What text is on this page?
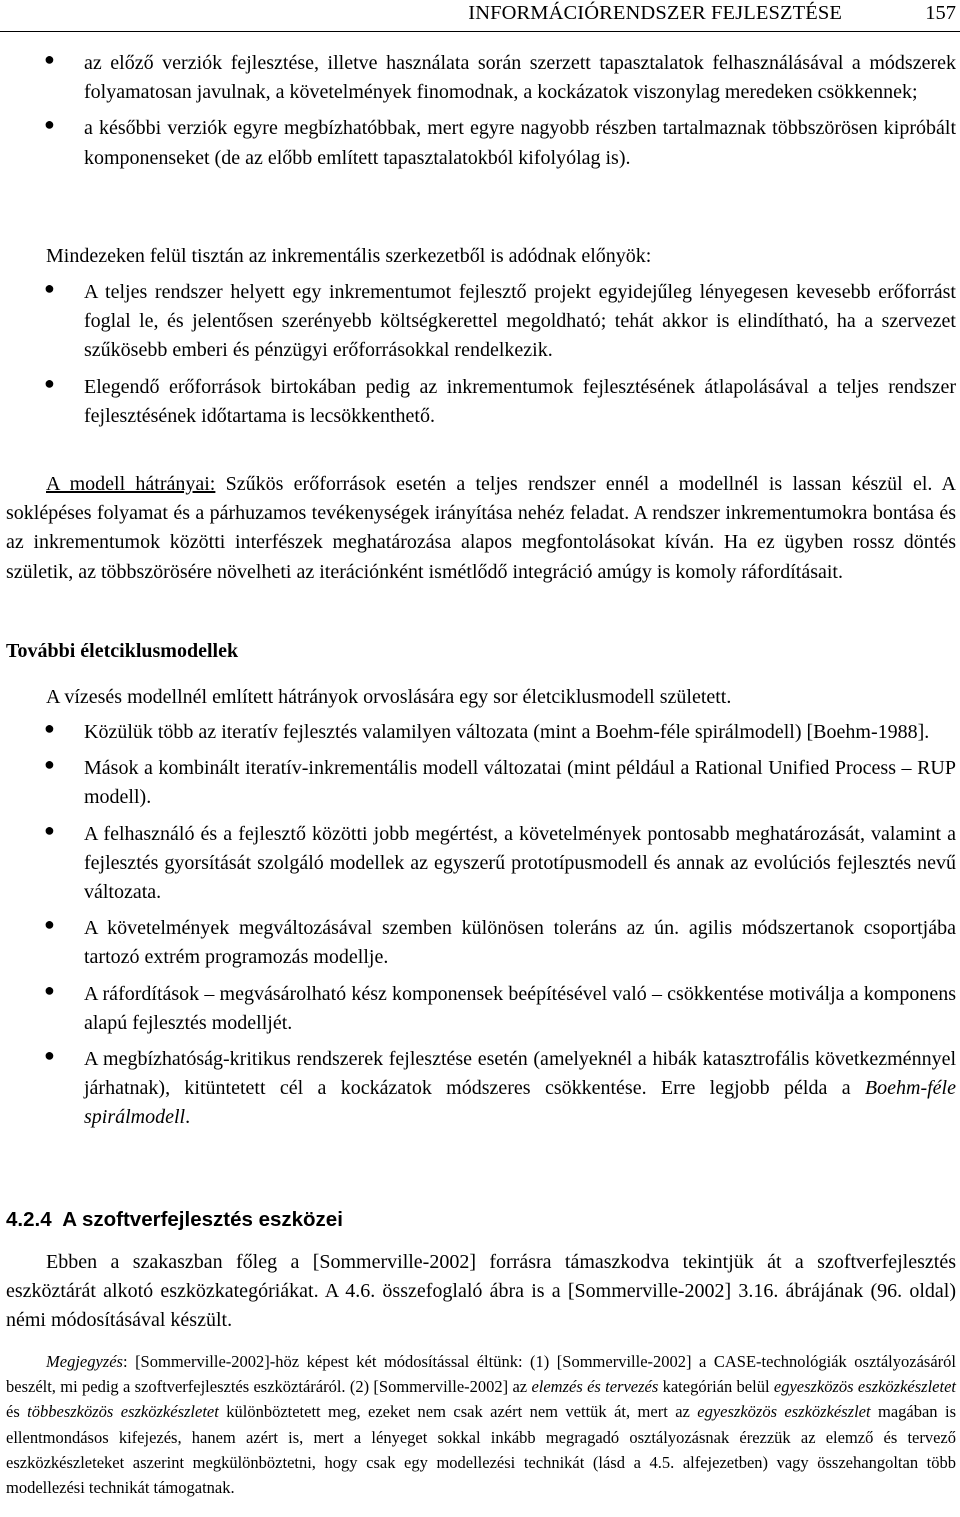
INFORMÁCIÓRENDSZER FEJLESZTÉSE	157
● az előző verziók fejlesztése, illetve használata során szerzett tapasztalatok felhasználásával a módszerek folyamatosan javulnak, a követelmények finomodnak, a kockázatok viszonylag meredeken csökkennek;
● a későbbi verziók egyre megbízhatóbbak, mert egyre nagyobb részben tartalmaznak többszörösen kipróbált komponenseket (de az előbb említett tapasztalatokból kifolyólag is).

Mindezeken felül tisztán az inkrementális szerkezetből is adódnak előnyök:

● A teljes rendszer helyett egy inkrementumot fejlesztő projekt egyidejűleg lényegesen kevesebb erőforrást foglal le, és jelentősen szerényebb költségkerettel megoldható; tehát akkor is elindítható, ha a szervezet szűkösebb emberi és pénzügyi erőforrásokkal rendelkezik.
● Elegendő erőforrások birtokában pedig az inkrementumok fejlesztésének átlapolásával a teljes rendszer fejlesztésének időtartama is lecsökkenthető.

A modell hátrányai: Szűkös erőforrások esetén a teljes rendszer ennél a modellnél is lassan készül el. A soklépéses folyamat és a párhuzamos tevékenységek irányítása nehéz feladat. A rendszer inkrementumokra bontása és az inkrementumok közötti interfészek meghatározása alapos megfontolásokat kíván. Ha ez ügyben rossz döntés születik, az többszörösére növelheti az iterációnként ismétlődő integráció amúgy is komoly ráfordításait.

További életciklusmodellek

A vízesés modellnél említett hátrányok orvoslására egy sor életciklusmodell született.

● Közülük több az iteratív fejlesztés valamilyen változata (mint a Boehm-féle spirálmodell) [Boehm-1988].
● Mások a kombinált iteratív-inkrementális modell változatai (mint például a Rational Unified Process – RUP modell).
● A felhasználó és a fejlesztő közötti jobb megértést, a követelmények pontosabb meghatározását, valamint a fejlesztés gyorsítását szolgáló modellek az egyszerű prototípusmodell és annak az evolúciós fejlesztés nevű változata.
● A követelmények megváltozásával szemben különösen toleráns az ún. agilis módszertanok csoportjába tartozó extrém programozás modellje.
● A ráfordítások – megvásárolható kész komponensek beépítésével való – csökkentése motiválja a komponens alapú fejlesztés modelljét.
● A megbízhatóság-kritikus rendszerek fejlesztése esetén (amelyeknél a hibák katasztrofális következménnyel járhatnak), kitüntetett cél a kockázatok módszeres csökkentése. Erre legjobb példa a Boehm-féle spirálmodell.
4.2.4  A szoftverfejlesztés eszközei

Ebben a szakaszban főleg a [Sommerville-2002] forrásra támaszkodva tekintjük át a szoftverfejlesztés eszköztárát alkotó eszközkategóriákat. A 4.6. összefoglaló ábra is a [Sommerville-2002] 3.16. ábrájának (96. oldal) némi módosításával készült.

Megjegyzés: [Sommerville-2002]-höz képest két módosítással éltünk: (1) [Sommerville-2002] a CASE-technológiák osztályozásáról beszélt, mi pedig a szoftverfejlesztés eszköztáráról. (2) [Sommerville-2002] az elemzés és tervezés kategórián belül egyeszközös eszközkészletet és többeszközös eszközkészletet különböztetett meg, ezeket nem csak azért nem vettük át, mert az egyeszközös eszközkészlet magában is ellentmondásos kifejezés, hanem azért is, mert a lényeget sokkal inkább megragadó osztályozásnak érezzük az elemző és tervező eszközkészleteket aszerint megkülönböztetni, hogy csak egy modellezési technikát (lásd a 4.5. alfejezetben) vagy összehangoltan több modellezési technikát támogatnak.
